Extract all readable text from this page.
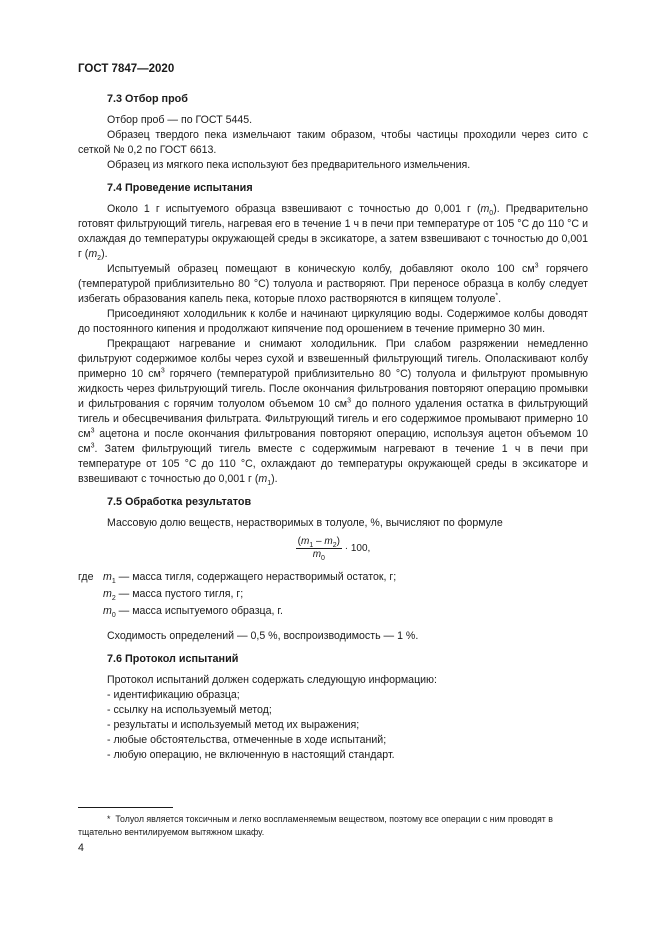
ГОСТ 7847—2020
7.3 Отбор проб

Отбор проб — по ГОСТ 5445.

Образец твердого пека измельчают таким образом, чтобы частицы проходили через сито с сеткой № 0,2 по ГОСТ 6613.

Образец из мягкого пека используют без предварительного измельчения.

7.4 Проведение испытания

Около 1 г испытуемого образца взвешивают с точностью до 0,001 г $(m_0)$. Предварительно готовят фильтрующий тигель, нагревая его в течение 1 ч в печи при температуре от 105 °C до 110 °C и охлаждая до температуры окружающей среды в эксикаторе, а затем взвешивают с точностью до 0,001 г $(m_2)$.

Испытуемый образец помещают в коническую колбу, добавляют около 100 $см^3$ горячего (температурой приблизительно 80 °C) толуола и растворяют. При переносе образца в колбу следует избегать образования капель пека, которые плохо растворяются в кипящем толуоле*.

Присоединяют холодильник к колбе и начинают циркуляцию воды. Содержимое колбы доводят до постоянного кипения и продолжают кипячение под орошением в течение примерно 30 мин.

Прекращают нагревание и снимают холодильник. При слабом разряжении немедленно фильтруют содержимое колбы через сухой и взвешенный фильтрующий тигель. Ополаскивают колбу примерно 10 $см^3$ горячего (температурой приблизительно 80 °C) толуола и фильтруют промывную жидкость через фильтрующий тигель. После окончания фильтрования повторяют операцию промывки и фильтрования с горячим толуолом объемом 10 $см^3$ до полного удаления остатка в фильтрующий тигель и обесцвечивания фильтрата. Фильтрующий тигель и его содержимое промывают примерно 10 $см^3$ ацетона и после окончания фильтрования повторяют операцию, используя ацетон объемом 10 $см^3$. Затем фильтрующий тигель вместе с содержимым нагревают в течение 1 ч в печи при температуре от 105 °C до 110 °C, охлаждают до температуры окружающей среды в эксикаторе и взвешивают с точностью до 0,001 г $(m_1)$.

7.5 Обработка результатов

Массовую долю веществ, нерастворимых в толуоле, %, вычисляют по формуле

$\frac{(m_1 - m_2)}{m_0} \cdot 100$,
где $m_1$ — масса тигля, содержащего нерастворимый остаток, г;
$m_2$ — масса пустого тигля, г;
$m_0$ — масса испытуемого образца, г.

Сходимость определений — 0,5 %, воспроизводимость — 1 %.

7.6 Протокол испытаний

Протокол испытаний должен содержать следующую информацию:

- идентификацию образца;
- ссылку на используемый метод;
- результаты и используемый метод их выражения;
- любые обстоятельства, отмеченные в ходе испытаний;
- любую операцию, не включенную в настоящий стандарт.
* Толуол является токсичным и легко воспламеняемым веществом, поэтому все операции с ним проводят в тщательно вентилируемом вытяжном шкафу.
4
